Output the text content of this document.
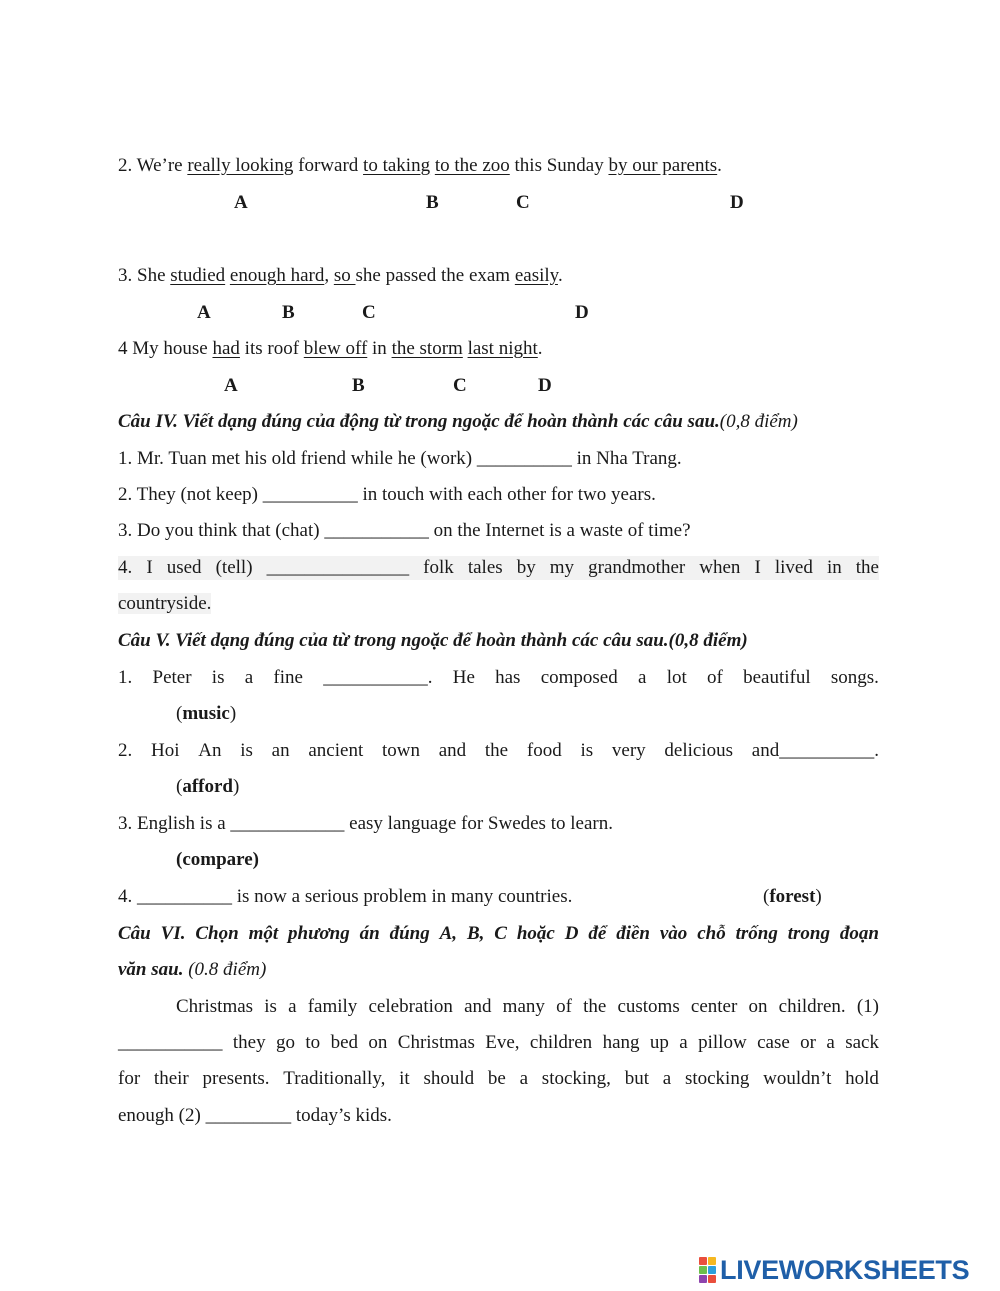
2. We’re really looking forward to taking to the zoo this Sunday by our parents.
A	B	C	D
3. She studied enough hard, so she passed the exam easily.
A	B	C	D
4 My house had its roof blew off in the storm last night.
A	B	C	D
Câu IV. Viết dạng đúng của động từ trong ngoặc để hoàn thành các câu sau.(0,8 điểm)
1. Mr. Tuan met his old friend while he (work) __________ in Nha Trang.
2. They (not keep) __________ in touch with each other for two years.
3. Do you think that (chat) ___________ on the Internet is a waste of time?
4. I used (tell) _______________ folk tales by my grandmother when I lived in the
countryside.
Câu V. Viết dạng đúng của từ trong ngoặc để hoàn thành các câu sau.(0,8 điểm)
1. Peter is a fine ___________. He has composed a lot of beautiful songs.
(music)
2. Hoi An is an ancient town and the food is very delicious and__________.
(afford)
3. English is a ____________ easy language for Swedes to learn.
(compare)
4. __________ is now a serious problem in many countries.	(forest)
Câu VI. Chọn một phương án đúng A, B, C hoặc D để điền vào chỗ trống trong đoạn
văn sau. (0.8 điểm)
Christmas is a family celebration and many of the customs center on children. (1)
___________ they go to bed on Christmas Eve, children hang up a pillow case or a sack
for their presents. Traditionally, it should be a stocking, but a stocking wouldn’t hold
enough (2) _________ today’s kids.
LIVEWORKSHEETS
